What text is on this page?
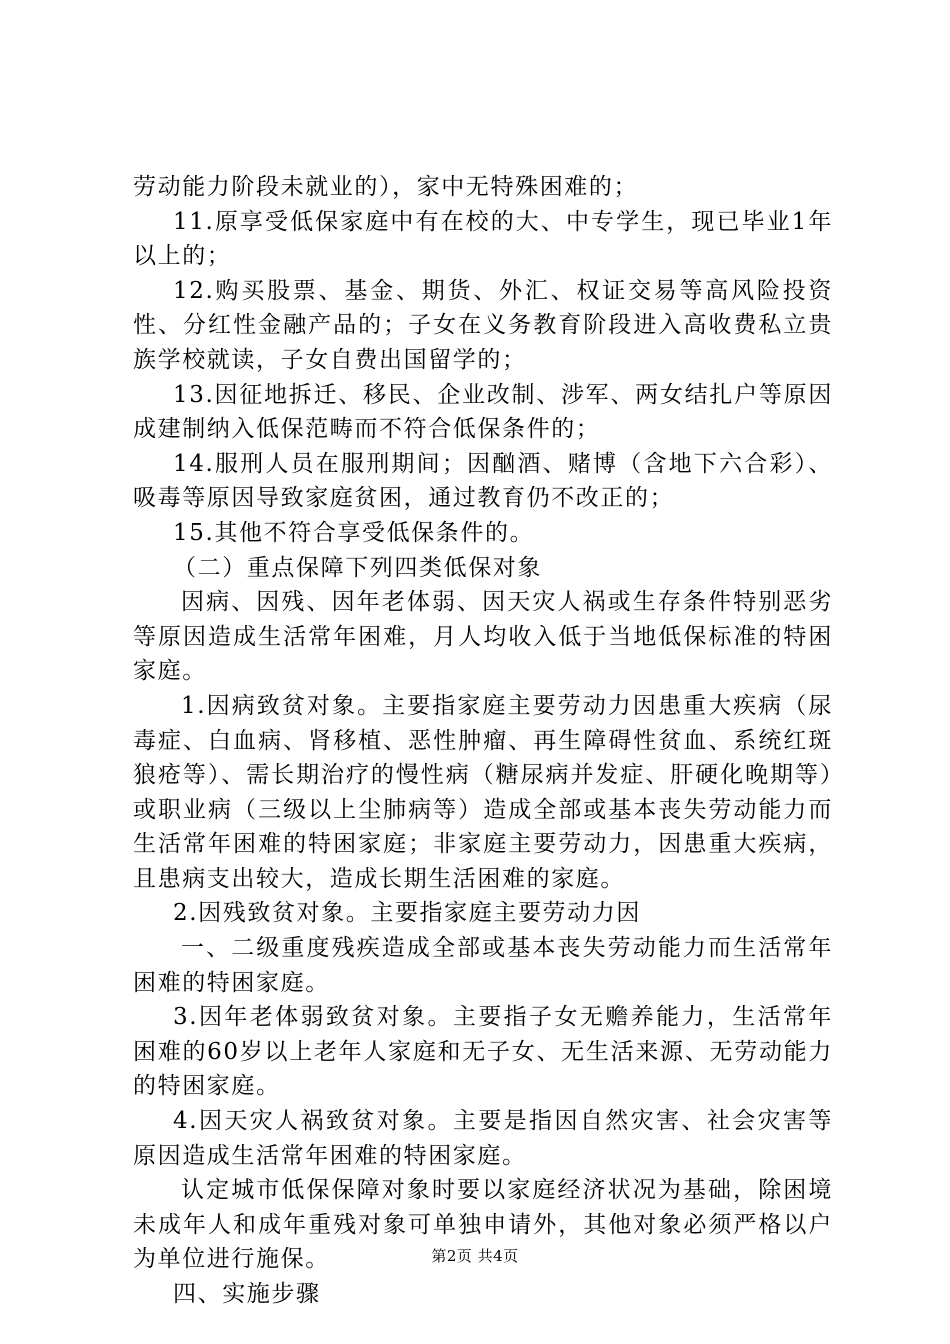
劳动能力阶段未就业的），家中无特殊困难的；

11.原享受低保家庭中有在校的大、中专学生，现已毕业1年以上的；

12.购买股票、基金、期货、外汇、权证交易等高风险投资性、分红性金融产品的；子女在义务教育阶段进入高收费私立贵族学校就读，子女自费出国留学的；

13.因征地拆迁、移民、企业改制、涉军、两女结扎户等原因成建制纳入低保范畴而不符合低保条件的；

14.服刑人员在服刑期间；因酗酒、赌博（含地下六合彩）、吸毒等原因导致家庭贫困，通过教育仍不改正的；

15.其他不符合享受低保条件的。

（二）重点保障下列四类低保对象

因病、因残、因年老体弱、因天灾人祸或生存条件特别恶劣等原因造成生活常年困难，月人均收入低于当地低保标准的特困家庭。

1.因病致贫对象。主要指家庭主要劳动力因患重大疾病（尿毒症、白血病、肾移植、恶性肿瘤、再生障碍性贫血、系统红斑狼疮等）、需长期治疗的慢性病（糖尿病并发症、肝硬化晚期等）或职业病（三级以上尘肺病等）造成全部或基本丧失劳动能力而生活常年困难的特困家庭；非家庭主要劳动力，因患重大疾病，且患病支出较大，造成长期生活困难的家庭。

2.因残致贫对象。主要指家庭主要劳动力因

一、二级重度残疾造成全部或基本丧失劳动能力而生活常年困难的特困家庭。

3.因年老体弱致贫对象。主要指子女无赡养能力，生活常年困难的60岁以上老年人家庭和无子女、无生活来源、无劳动能力的特困家庭。

4.因天灾人祸致贫对象。主要是指因自然灾害、社会灾害等原因造成生活常年困难的特困家庭。

认定城市低保保障对象时要以家庭经济状况为基础，除困境未成年人和成年重残对象可单独申请外，其他对象必须严格以户为单位进行施保。

四、实施步骤

第2页 共4页
